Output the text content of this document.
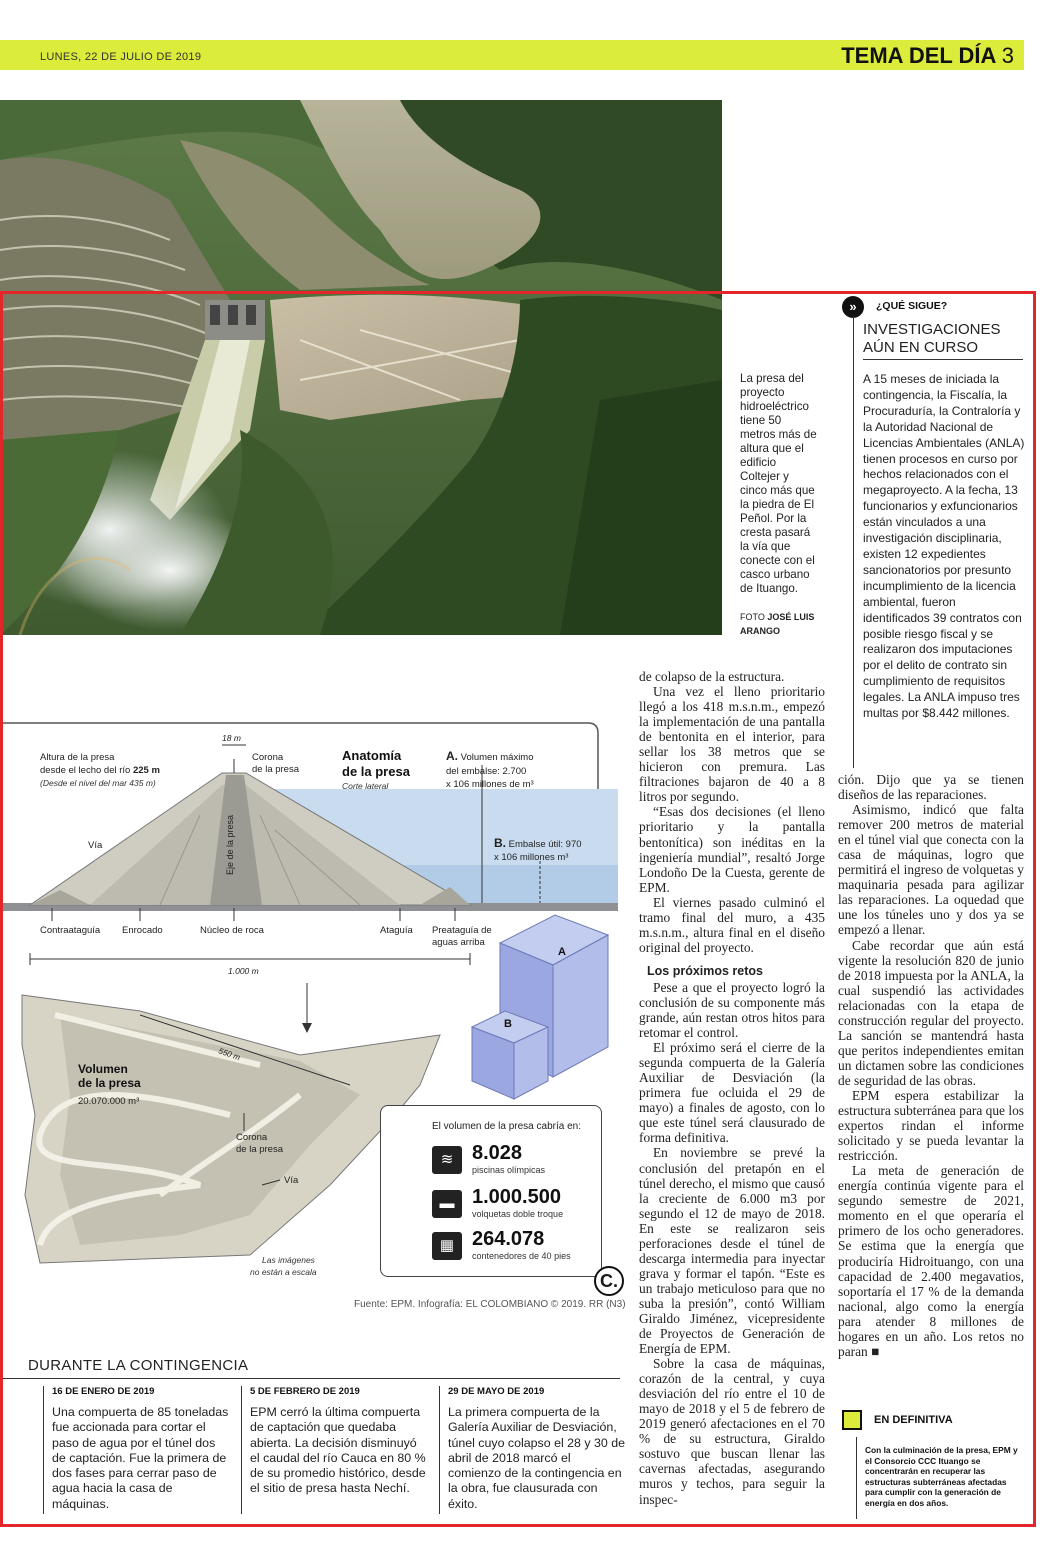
LUNES, 22 DE JULIO DE 2019	TEMA DEL DÍA 3
La presa del proyecto hidroeléctrico tiene 50 metros más de altura que el edificio Coltejer y cinco más que la piedra de El Peñol. Por la cresta pasará la vía que conecte con el casco urbano de Ituango.
FOTO JOSÉ LUIS ARANGO
»	¿QUÉ SIGUE?
INVESTIGACIONES AÚN EN CURSO
A 15 meses de iniciada la contingencia, la Fiscalía, la Procuraduría, la Contraloría y la Autoridad Nacional de Licencias Ambientales (ANLA) tienen procesos en curso por hechos relacionados con el megaproyecto. A la fecha, 13 funcionarios y exfuncionarios están vinculados a una investigación disciplinaria, existen 12 expedientes sancionatorios por presunto incumplimiento de la licencia ambiental, fueron identificados 39 contratos con posible riesgo fiscal y se realizaron dos imputaciones por el delito de contrato sin cumplimiento de requisitos legales. La ANLA impuso tres multas por $8.442 millones.

de colapso de la estructura.

Una vez el lleno prioritario llegó a los 418 m.s.n.m., empezó la implementación de una pantalla de bentonita en el interior, para sellar los 38 metros que se hicieron con premura. Las filtraciones bajaron de 40 a 8 litros por segundo.

“Esas dos decisiones (el lleno prioritario y la pantalla bentonítica) son inéditas en la ingeniería mundial”, resaltó Jorge Londoño De la Cuesta, gerente de EPM.

El viernes pasado culminó el tramo final del muro, a 435 m.s.n.m., altura final en el diseño original del proyecto.

Los próximos retos

Pese a que el proyecto logró la conclusión de su componente más grande, aún restan otros hitos para retomar el control.

El próximo será el cierre de la segunda compuerta de la Galería Auxiliar de Desviación (la primera fue ocluida el 29 de mayo) a finales de agosto, con lo que este túnel será clausurado de forma definitiva.

En noviembre se prevé la conclusión del pretapón en el túnel derecho, el mismo que causó la creciente de 6.000 m3 por segundo el 12 de mayo de 2018. En este se realizaron seis perforaciones desde el túnel de descarga intermedia para inyectar grava y formar el tapón. “Este es un trabajo meticuloso para que no suba la presión”, contó William Giraldo Jiménez, vicepresidente de Proyectos de Generación de Energía de EPM.

Sobre la casa de máquinas, corazón de la central, y cuya desviación del río entre el 10 de mayo de 2018 y el 5 de febrero de 2019 generó afectaciones en el 70 % de su estructura, Giraldo sostuvo que buscan llenar las cavernas afectadas, asegurando muros y techos, para seguir la inspec-

ción. Dijo que ya se tienen diseños de las reparaciones.

Asimismo, indicó que falta remover 200 metros de material en el túnel vial que conecta con la casa de máquinas, logro que permitirá el ingreso de volquetas y maquinaria pesada para agilizar las reparaciones. La oquedad que une los túneles uno y dos ya se empezó a llenar.

Cabe recordar que aún está vigente la resolución 820 de junio de 2018 impuesta por la ANLA, la cual suspendió las actividades relacionadas con la etapa de construcción regular del proyecto. La sanción se mantendrá hasta que peritos independientes emitan un dictamen sobre las condiciones de seguridad de las obras.

EPM espera estabilizar la estructura subterránea para que los expertos rindan el informe solicitado y se pueda levantar la restricción.

La meta de generación de energía continúa vigente para el segundo semestre de 2021, momento en el que operaría el primero de los ocho generadores. Se estima que la energía que produciría Hidroituango, con una capacidad de 2.400 megavatios, soportaría el 17 % de la demanda nacional, algo como la energía para atender 8 millones de hogares en un año. Los retos no paran ■

EN DEFINITIVA
Con la culminación de la presa, EPM y el Consorcio CCC Ituango se concentrarán en recuperar las estructuras subterráneas afectadas para cumplir con la generación de energía en dos años.
Altura de la presa
desde el lecho del río 225 m
(Desde el nivel del mar 435 m)
18 m
Corona
de la presa
Anatomía
de la presa
Corte lateral
A. Volumen máximo
del embalse: 2.700
x 106 millones de m³
B. Embalse útil: 970
x 106 millones m³
Vía	Eje de la presa
Contraataguía Enrocado	Núcleo de roca	Ataguía Preataguía de
aguas arriba
1.000 m
A
B
550 m
Volumen
de la presa
20.070.000 m³
Corona
de la presa
Vía
Las imágenes
no están a escala
El volumen de la presa cabría en:
≋ 8.028
piscinas olímpicas
▬ 1.000.500
volquetas doble troque
▦ 264.078
contenedores de 40 pies
C.
Fuente: EPM. Infografía: EL COLOMBIANO © 2019. RR (N3)
DURANTE LA CONTINGENCIA
16 DE ENERO DE 2019
Una compuerta de 85 toneladas fue accionada para cortar el paso de agua por el túnel dos de captación. Fue la primera de dos fases para cerrar paso de agua hacia la casa de máquinas.
5 DE FEBRERO DE 2019
EPM cerró la última compuerta de captación que quedaba abierta. La decisión disminuyó el caudal del río Cauca en 80 % de su promedio histórico, desde el sitio de presa hasta Nechí.
29 DE MAYO DE 2019
La primera compuerta de la Galería Auxiliar de Desviación, túnel cuyo colapso el 28 y 30 de abril de 2018 marcó el comienzo de la contingencia en la obra, fue clausurada con éxito.
